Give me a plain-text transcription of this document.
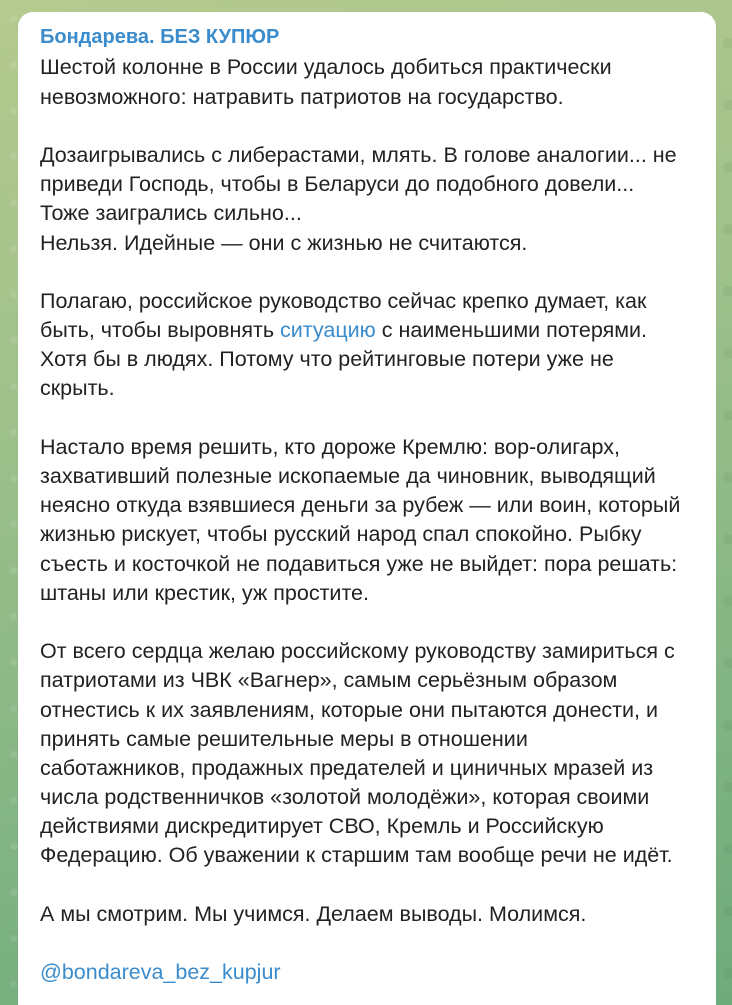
Бондарева. БЕЗ КУПЮР
Шестой колонне в России удалось добиться практически
невозможного: натравить патриотов на государство.
Дозаигрывались с либерастами, млять. В голове аналогии... не
приведи Господь, чтобы в Беларуси до подобного довели...
Тоже заигрались сильно...
Нельзя. Идейные — они с жизнью не считаются.
Полагаю, российское руководство сейчас крепко думает, как
быть, чтобы выровнять ситуацию с наименьшими потерями.
Хотя бы в людях. Потому что рейтинговые потери уже не
скрыть.
Настало время решить, кто дороже Кремлю: вор-олигарх,
захвативший полезные ископаемые да чиновник, выводящий
неясно откуда взявшиеся деньги за рубеж — или воин, который
жизнью рискует, чтобы русский народ спал спокойно. Рыбку
съесть и косточкой не подавиться уже не выйдет: пора решать:
штаны или крестик, уж простите.
От всего сердца желаю российскому руководству замириться с
патриотами из ЧВК «Вагнер», самым серьёзным образом
отнестись к их заявлениям, которые они пытаются донести, и
принять самые решительные меры в отношении
саботажников, продажных предателей и циничных мразей из
числа родственничков «золотой молодёжи», которая своими
действиями дискредитирует СВО, Кремль и Российскую
Федерацию. Об уважении к старшим там вообще речи не идёт.
А мы смотрим. Мы учимся. Делаем выводы. Молимся.
@bondareva_bez_kupjur
